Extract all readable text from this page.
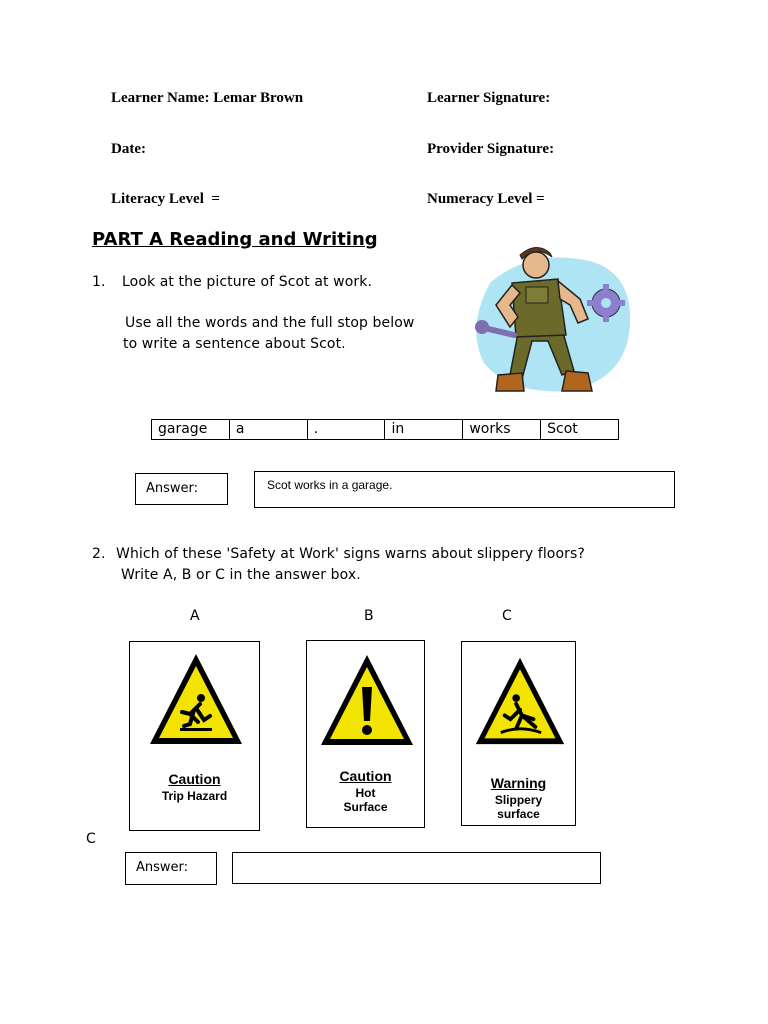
Learner Name: Lemar Brown	Learner Signature:
Date:	Provider Signature:
Literacy Level  =	Numeracy Level =
PART A Reading and Writing
1. Look at the picture of Scot at work.
Use all the words and the full stop below
to write a sentence about Scot.
garage	a	.	in	works	Scot
Answer:	Scot works in a garage.
2. Which of these 'Safety at Work' signs warns about slippery floors?
Write A, B or C in the answer box.
A	B	C
Caution
Trip Hazard
Caution
Hot
Surface
Warning
Slippery
surface
C
Answer:
